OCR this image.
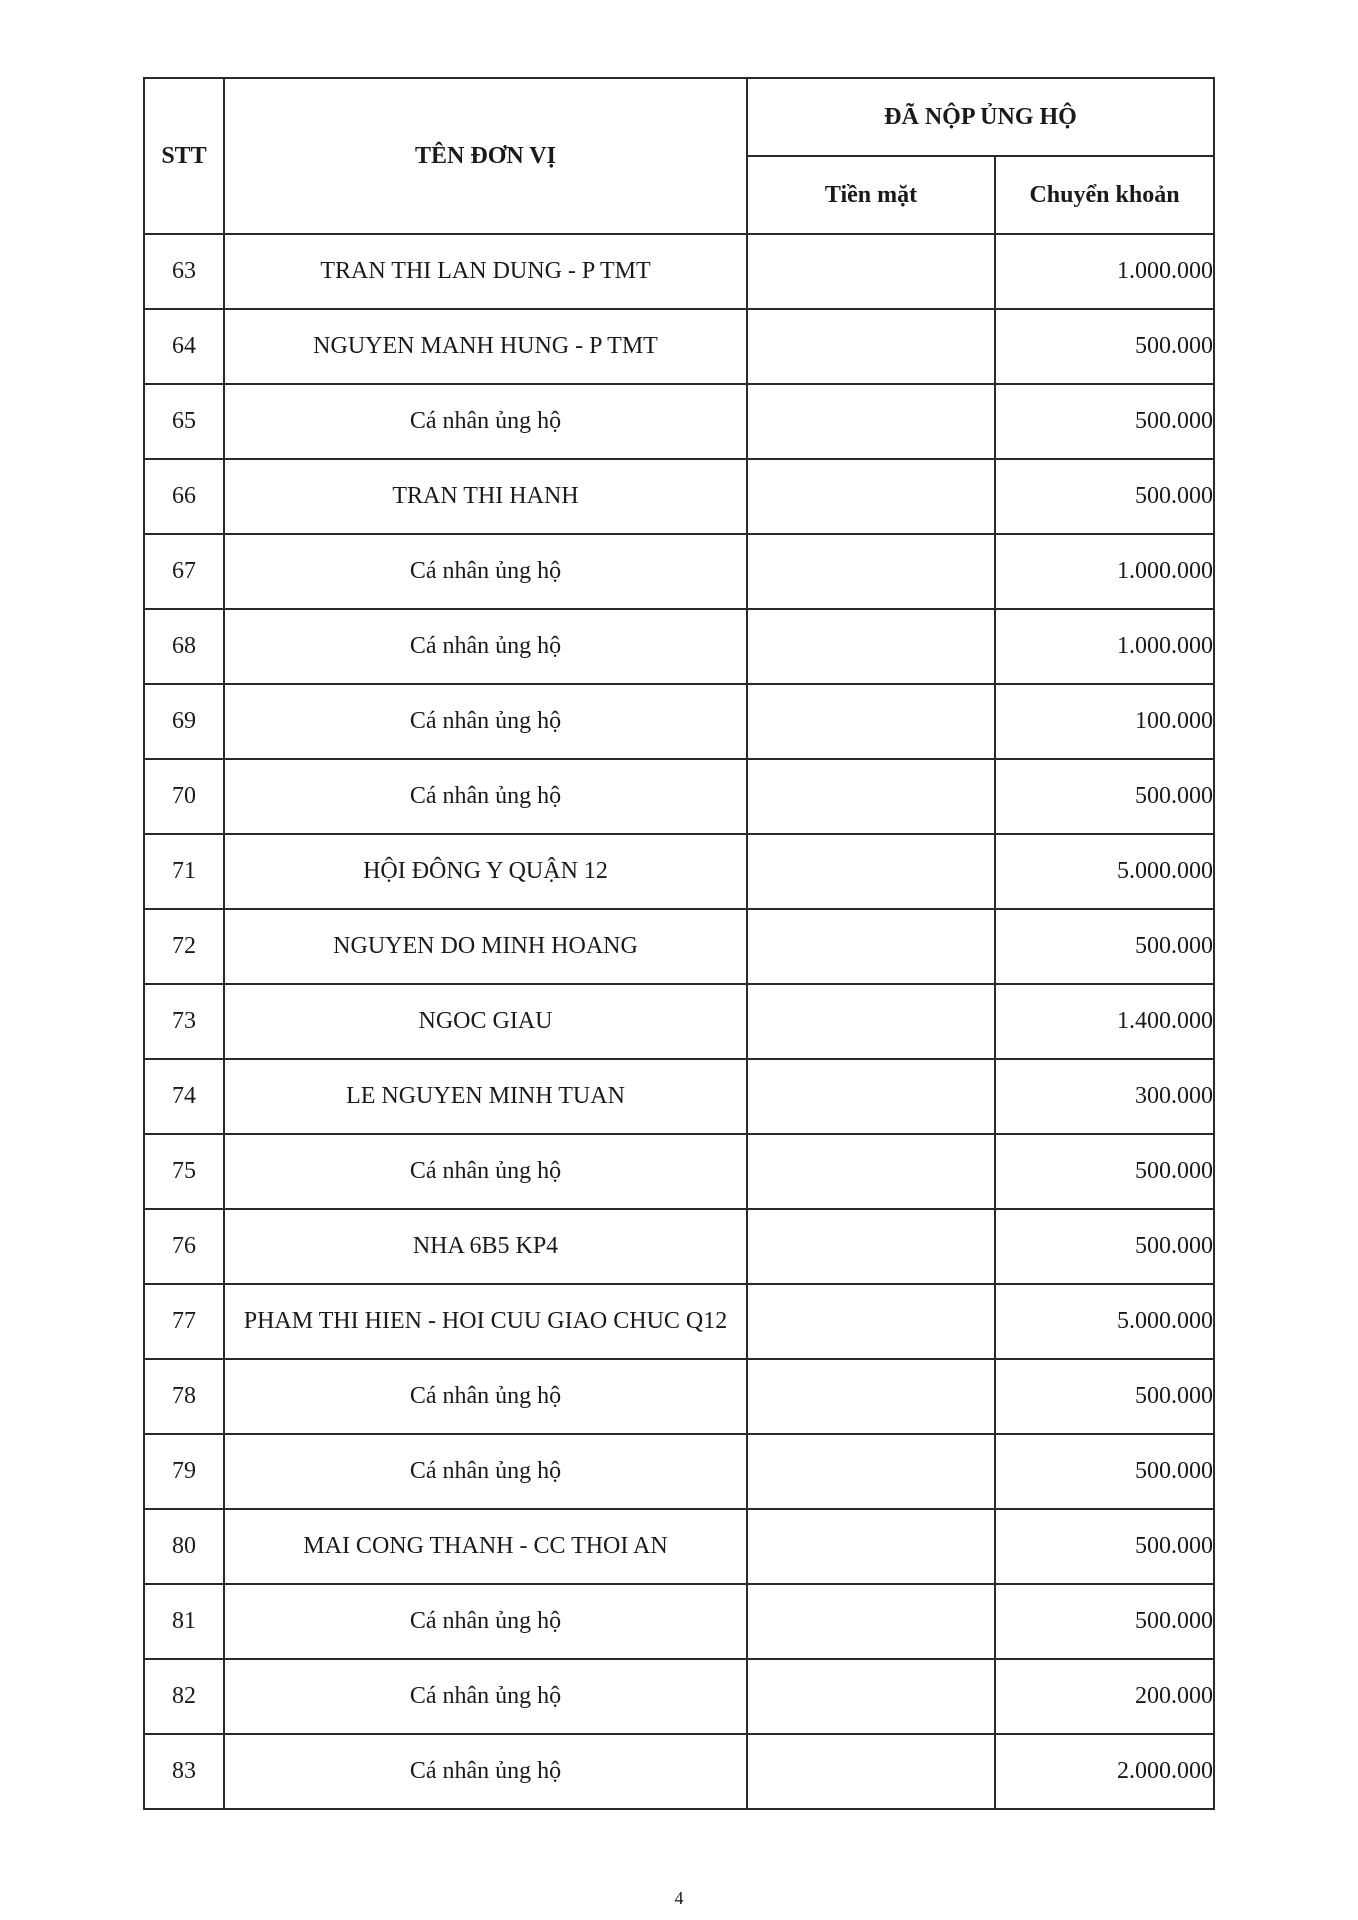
STT	TÊN ĐƠN VỊ	ĐÃ NỘP ỦNG HỘ	
		Tiền mặt	Chuyển khoản
63	TRAN THI LAN DUNG - P TMT		1.000.000
64	NGUYEN MANH HUNG - P TMT		500.000
65	Cá nhân ủng hộ		500.000
66	TRAN THI HANH		500.000
67	Cá nhân ủng hộ		1.000.000
68	Cá nhân ủng hộ		1.000.000
69	Cá nhân ủng hộ		100.000
70	Cá nhân ủng hộ		500.000
71	HỘI ĐÔNG Y QUẬN 12		5.000.000
72	NGUYEN DO MINH HOANG		500.000
73	NGOC GIAU		1.400.000
74	LE NGUYEN MINH TUAN		300.000
75	Cá nhân ủng hộ		500.000
76	NHA 6B5 KP4		500.000
77	PHAM THI HIEN - HOI CUU GIAO CHUC Q12		5.000.000
78	Cá nhân ủng hộ		500.000
79	Cá nhân ủng hộ		500.000
80	MAI CONG THANH - CC THOI AN		500.000
81	Cá nhân ủng hộ		500.000
82	Cá nhân ủng hộ		200.000
83	Cá nhân ủng hộ		2.000.000
4
